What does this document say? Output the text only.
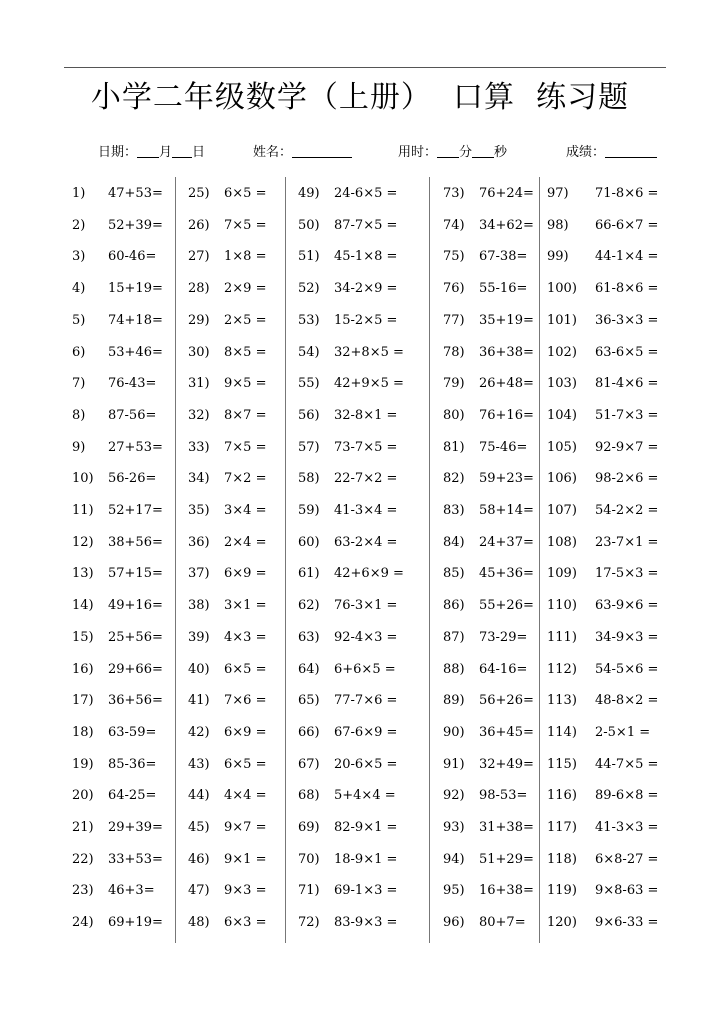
小学二年级数学（上册）  口算  练习题
日期： 月 日	姓名：	用时： 分 秒	成绩：
1) 47+53=
2) 52+39=
3) 60-46=
4) 15+19=
5) 74+18=
6) 53+46=
7) 76-43=
8) 87-56=
9) 27+53=
10) 56-26=
11) 52+17=
12) 38+56=
13) 57+15=
14) 49+16=
15) 25+56=
16) 29+66=
17) 36+56=
18) 63-59=
19) 85-36=
20) 64-25=
21) 29+39=
22) 33+53=
23) 46+3=
24) 69+19=
25) 6×5 =
26) 7×5 =
27) 1×8 =
28) 2×9 =
29) 2×5 =
30) 8×5 =
31) 9×5 =
32) 8×7 =
33) 7×5 =
34) 7×2 =
35) 3×4 =
36) 2×4 =
37) 6×9 =
38) 3×1 =
39) 4×3 =
40) 6×5 =
41) 7×6 =
42) 6×9 =
43) 6×5 =
44) 4×4 =
45) 9×7 =
46) 9×1 =
47) 9×3 =
48) 6×3 =
49) 24-6×5 =
50) 87-7×5 =
51) 45-1×8 =
52) 34-2×9 =
53) 15-2×5 =
54) 32+8×5 =
55) 42+9×5 =
56) 32-8×1 =
57) 73-7×5 =
58) 22-7×2 =
59) 41-3×4 =
60) 63-2×4 =
61) 42+6×9 =
62) 76-3×1 =
63) 92-4×3 =
64) 6+6×5 =
65) 77-7×6 =
66) 67-6×9 =
67) 20-6×5 =
68) 5+4×4 =
69) 82-9×1 =
70) 18-9×1 =
71) 69-1×3 =
72) 83-9×3 =
73) 76+24=
74) 34+62=
75) 67-38=
76) 55-16=
77) 35+19=
78) 36+38=
79) 26+48=
80) 76+16=
81) 75-46=
82) 59+23=
83) 58+14=
84) 24+37=
85) 45+36=
86) 55+26=
87) 73-29=
88) 64-16=
89) 56+26=
90) 36+45=
91) 32+49=
92) 98-53=
93) 31+38=
94) 51+29=
95) 16+38=
96) 80+7=
97) 71-8×6 =
98) 66-6×7 =
99) 44-1×4 =
100) 61-8×6 =
101) 36-3×3 =
102) 63-6×5 =
103) 81-4×6 =
104) 51-7×3 =
105) 92-9×7 =
106) 98-2×6 =
107) 54-2×2 =
108) 23-7×1 =
109) 17-5×3 =
110) 63-9×6 =
111) 34-9×3 =
112) 54-5×6 =
113) 48-8×2 =
114) 2-5×1 =
115) 44-7×5 =
116) 89-6×8 =
117) 41-3×3 =
118) 6×8-27 =
119) 9×8-63 =
120) 9×6-33 =
